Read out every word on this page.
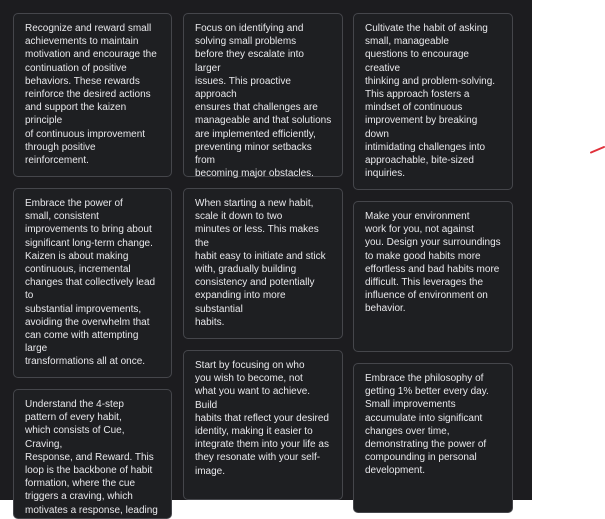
Recognize and reward small
achievements to maintain
motivation and encourage the
continuation of positive
behaviors. These rewards
reinforce the desired actions
and support the kaizen principle
of continuous improvement
through positive reinforcement.

Focus on identifying and
solving small problems
before they escalate into larger
issues. This proactive approach
ensures that challenges are
manageable and that solutions
are implemented efficiently,
preventing minor setbacks from
becoming major obstacles.

Cultivate the habit of asking
small, manageable
questions to encourage creative
thinking and problem-solving.
This approach fosters a
mindset of continuous
improvement by breaking down
intimidating challenges into
approachable, bite-sized
inquiries.

Embrace the power of
small, consistent
improvements to bring about
significant long-term change.
Kaizen is about making
continuous, incremental
changes that collectively lead to
substantial improvements,
avoiding the overwhelm that
can come with attempting large
transformations all at once.

When starting a new habit,
scale it down to two
minutes or less. This makes the
habit easy to initiate and stick
with, gradually building
consistency and potentially
expanding into more substantial
habits.

Make your environment
work for you, not against
you. Design your surroundings
to make good habits more
effortless and bad habits more
difficult. This leverages the
influence of environment on
behavior.

Understand the 4-step
pattern of every habit,
which consists of Cue, Craving,
Response, and Reward. This
loop is the backbone of habit
formation, where the cue
triggers a craving, which
motivates a response, leading

Start by focusing on who
you wish to become, not
what you want to achieve. Build
habits that reflect your desired
identity, making it easier to
integrate them into your life as
they resonate with your self-
image.

Embrace the philosophy of
getting 1% better every day.
Small improvements
accumulate into significant
changes over time,
demonstrating the power of
compounding in personal
development.
